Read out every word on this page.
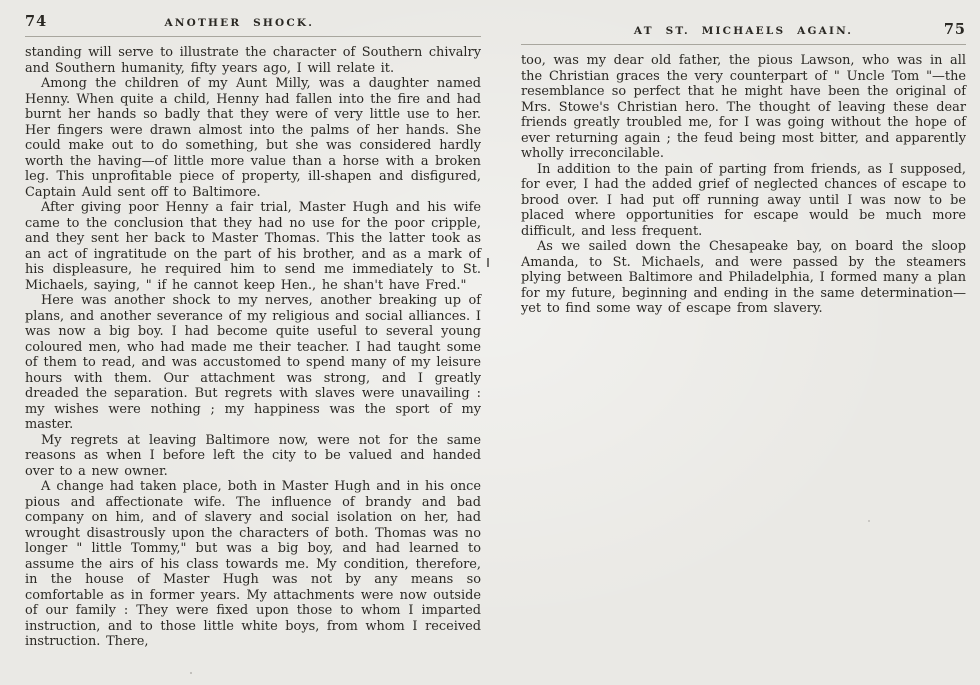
74	ANOTHER SHOCK.

standing will serve to illustrate the character of Southern chivalry and Southern humanity, fifty years ago, I will relate it.

Among the children of my Aunt Milly, was a daughter named Henny. When quite a child, Henny had fallen into the fire and had burnt her hands so badly that they were of very little use to her. Her fingers were drawn almost into the palms of her hands. She could make out to do something, but she was considered hardly worth the having—of little more value than a horse with a broken leg. This unprofitable piece of property, ill-shapen and disfigured, Captain Auld sent off to Baltimore.

After giving poor Henny a fair trial, Master Hugh and his wife came to the conclusion that they had no use for the poor cripple, and they sent her back to Master Thomas. This the latter took as an act of ingratitude on the part of his brother, and as a mark of his displeasure, he required him to send me immediately to St. Michaels, saying, " if he cannot keep Hen., he shan't have Fred."

Here was another shock to my nerves, another breaking up of plans, and another severance of my religious and social alliances. I was now a big boy. I had become quite useful to several young coloured men, who had made me their teacher. I had taught some of them to read, and was accustomed to spend many of my leisure hours with them. Our attachment was strong, and I greatly dreaded the separation. But regrets with slaves were unavailing : my wishes were nothing ; my happiness was the sport of my master.

My regrets at leaving Baltimore now, were not for the same reasons as when I before left the city to be valued and handed over to a new owner.

A change had taken place, both in Master Hugh and in his once pious and affectionate wife. The influence of brandy and bad company on him, and of slavery and social isolation on her, had wrought disastrously upon the characters of both. Thomas was no longer " little Tommy," but was a big boy, and had learned to assume the airs of his class towards me. My condition, therefore, in the house of Master Hugh was not by any means so comfortable as in former years. My attachments were now outside of our family : They were fixed upon those to whom I imparted instruction, and to those little white boys, from whom I received instruction. There,

AT ST. MICHAELS AGAIN.	75

too, was my dear old father, the pious Lawson, who was in all the Christian graces the very counterpart of " Uncle Tom "—the resemblance so perfect that he might have been the original of Mrs. Stowe's Christian hero. The thought of leaving these dear friends greatly troubled me, for I was going without the hope of ever returning again ; the feud being most bitter, and apparently wholly irreconcilable.

In addition to the pain of parting from friends, as I supposed, for ever, I had the added grief of neglected chances of escape to brood over. I had put off running away until I was now to be placed where opportunities for escape would be much more difficult, and less frequent.

As we sailed down the Chesapeake bay, on board the sloop Amanda, to St. Michaels, and were passed by the steamers plying between Baltimore and Philadelphia, I formed many a plan for my future, beginning and ending in the same determination—yet to find some way of escape from slavery.
